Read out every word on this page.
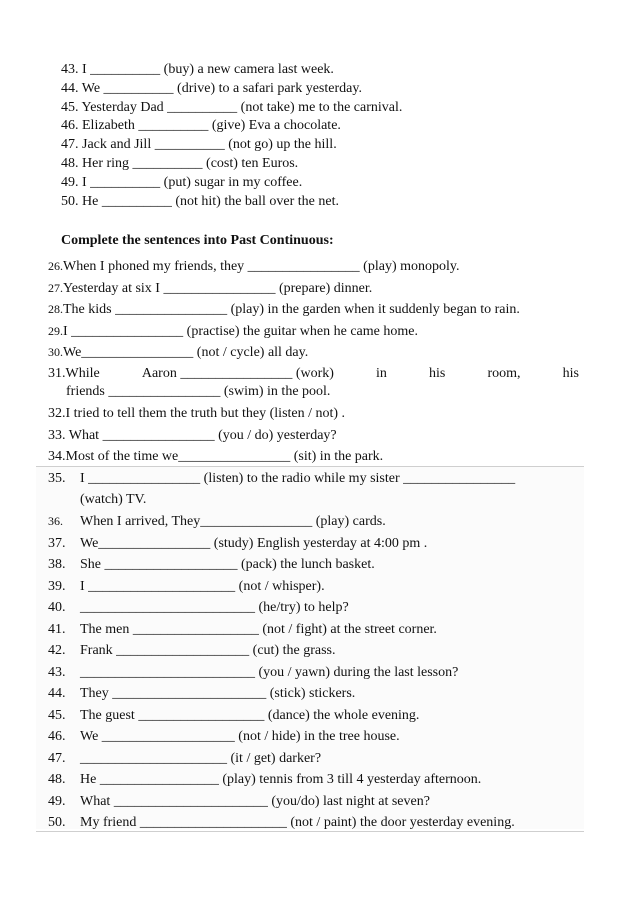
43. I __________ (buy) a new camera last week.
44. We __________ (drive) to a safari park yesterday.
45. Yesterday Dad __________ (not take) me to the carnival.
46. Elizabeth __________ (give) Eva a chocolate.
47. Jack and Jill __________ (not go) up the hill.
48. Her ring __________ (cost) ten Euros.
49. I __________ (put) sugar in my coffee.
50. He __________ (not hit) the ball over the net.
Complete the sentences into Past Continuous:
26.When I phoned my friends, they ________________ (play) monopoly.
27.Yesterday at six I ________________ (prepare) dinner.
28.The kids ________________ (play) in the garden when it suddenly began to rain.
29.I ________________ (practise) the guitar when he came home.
30.We________________ (not / cycle) all day.
31.While	Aaron ________________ (work)	in	his	room,	his
friends ________________ (swim) in the pool.
32.I tried to tell them the truth but they (listen / not) .
33. What ________________ (you / do) yesterday?
34.Most of the time we________________ (sit) in the park.
35. I ________________ (listen) to the radio while my sister ________________
(watch) TV.
36. When I arrived, They________________ (play) cards.
37. We________________ (study) English yesterday at 4:00 pm .
38. She ___________________ (pack) the lunch basket.
39. I _____________________ (not / whisper).
40. _________________________ (he/try) to help?
41. The men __________________ (not / fight) at the street corner.
42. Frank ___________________ (cut) the grass.
43. _________________________ (you / yawn) during the last lesson?
44. They ______________________ (stick) stickers.
45. The guest __________________ (dance) the whole evening.
46. We ___________________ (not / hide) in the tree house.
47. _____________________ (it / get) darker?
48. He _________________ (play) tennis from 3 till 4 yesterday afternoon.
49. What ______________________ (you/do) last night at seven?
50. My friend _____________________ (not / paint) the door yesterday evening.
